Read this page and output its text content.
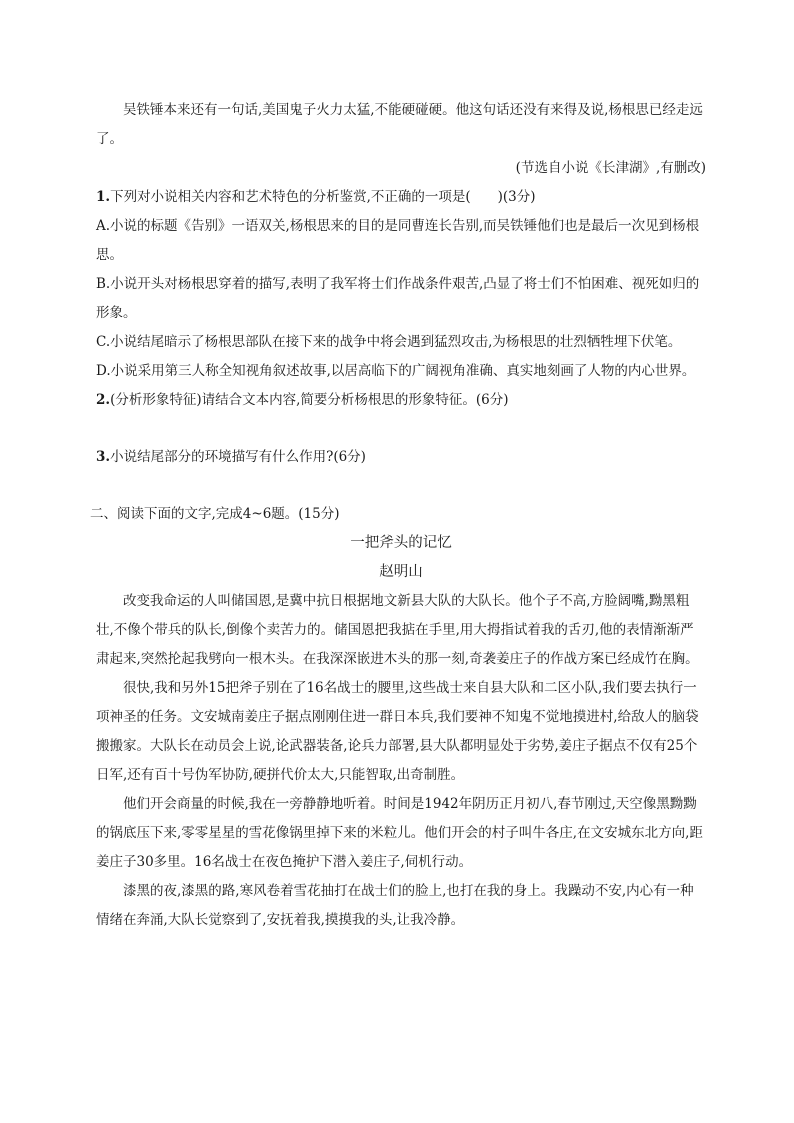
吴铁锤本来还有一句话,美国鬼子火力太猛,不能硬碰硬。他这句话还没有来得及说,杨根思已经走远了。

(节选自小说《长津湖》,有删改)

1.下列对小说相关内容和艺术特色的分析鉴赏,不正确的一项是(　　)(3分)

A.小说的标题《告别》一语双关,杨根思来的目的是同曹连长告别,而吴铁锤他们也是最后一次见到杨根思。

B.小说开头对杨根思穿着的描写,表明了我军将士们作战条件艰苦,凸显了将士们不怕困难、视死如归的形象。

C.小说结尾暗示了杨根思部队在接下来的战争中将会遇到猛烈攻击,为杨根思的壮烈牺牲埋下伏笔。

D.小说采用第三人称全知视角叙述故事,以居高临下的广阔视角准确、真实地刻画了人物的内心世界。

2.(分析形象特征)请结合文本内容,简要分析杨根思的形象特征。(6分)

3.小说结尾部分的环境描写有什么作用?(6分)

二、阅读下面的文字,完成4~6题。(15分)

一把斧头的记忆

赵明山

改变我命运的人叫储国恩,是冀中抗日根据地文新县大队的大队长。他个子不高,方脸阔嘴,黝黑粗壮,不像个带兵的队长,倒像个卖苦力的。储国恩把我掂在手里,用大拇指试着我的舌刃,他的表情渐渐严肃起来,突然抡起我劈向一根木头。在我深深嵌进木头的那一刻,奇袭姜庄子的作战方案已经成竹在胸。

很快,我和另外15把斧子别在了16名战士的腰里,这些战士来自县大队和二区小队,我们要去执行一项神圣的任务。文安城南姜庄子据点刚刚住进一群日本兵,我们要神不知鬼不觉地摸进村,给敌人的脑袋搬搬家。大队长在动员会上说,论武器装备,论兵力部署,县大队都明显处于劣势,姜庄子据点不仅有25个日军,还有百十号伪军协防,硬拼代价太大,只能智取,出奇制胜。

他们开会商量的时候,我在一旁静静地听着。时间是1942年阴历正月初八,春节刚过,天空像黑黝黝的锅底压下来,零零星星的雪花像锅里掉下来的米粒儿。他们开会的村子叫牛各庄,在文安城东北方向,距姜庄子30多里。16名战士在夜色掩护下潜入姜庄子,伺机行动。

漆黑的夜,漆黑的路,寒风卷着雪花抽打在战士们的脸上,也打在我的身上。我躁动不安,内心有一种情绪在奔涌,大队长觉察到了,安抚着我,摸摸我的头,让我冷静。
